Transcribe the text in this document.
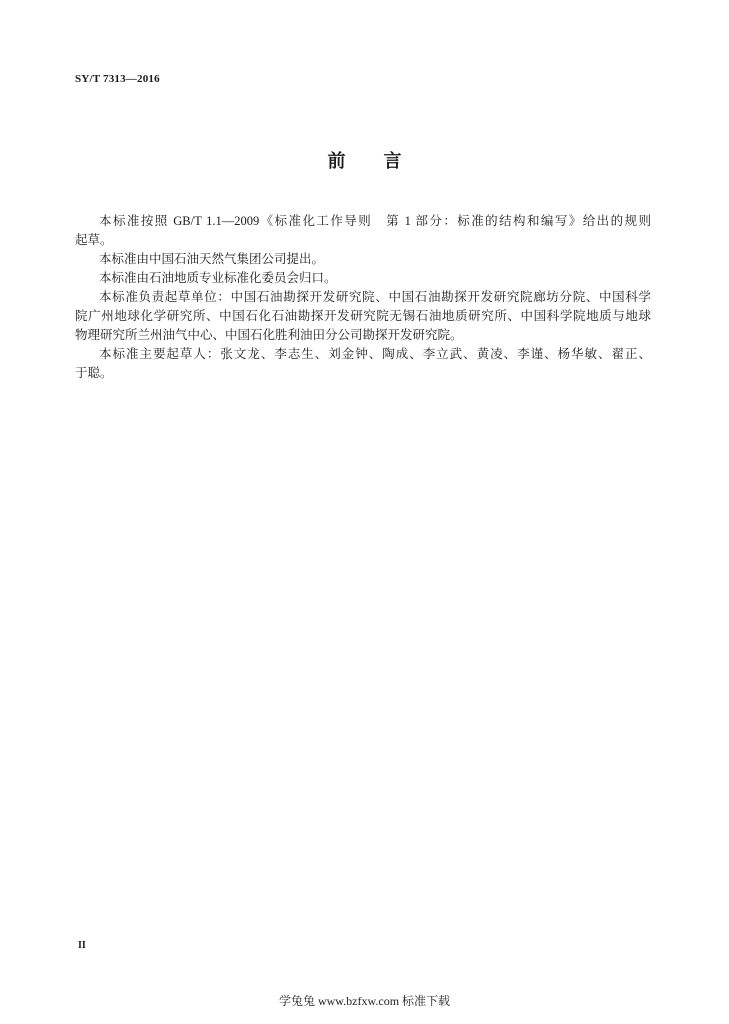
SY/T 7313—2016
前　言
本标准按照 GB/T 1.1—2009《标准化工作导则　第 1 部分：标准的结构和编写》给出的规则
起草。
本标准由中国石油天然气集团公司提出。
本标准由石油地质专业标准化委员会归口。
本标准负责起草单位：中国石油勘探开发研究院、中国石油勘探开发研究院廊坊分院、中国科学
院广州地球化学研究所、中国石化石油勘探开发研究院无锡石油地质研究所、中国科学院地质与地球
物理研究所兰州油气中心、中国石化胜利油田分公司勘探开发研究院。
本标准主要起草人：张文龙、李志生、刘金钟、陶成、李立武、黄凌、李谨、杨华敏、翟正、
于聪。
II
学兔兔 www.bzfxw.com 标准下载
